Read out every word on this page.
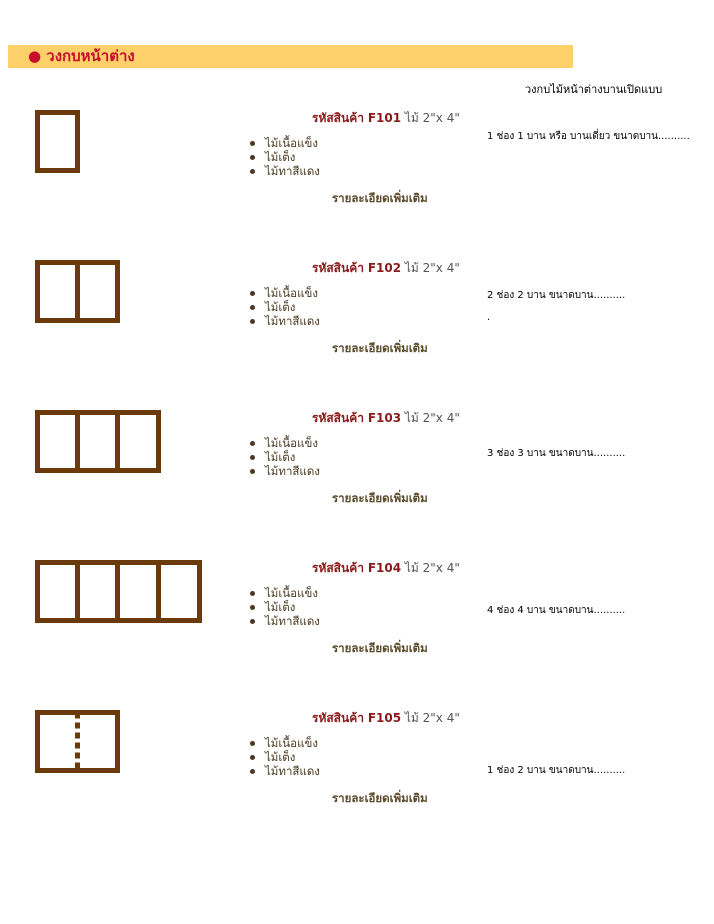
● วงกบหน้าต่าง
วงกบไม้หน้าต่างบานเปิดแบบ
รหัสสินค้า F101 ไม้ 2"x 4"
ไม้เนื้อแข็ง
ไม้เต็ง
ไม้ทาสีแดง
รายละเอียดเพิ่มเติม
1 ช่อง 1 บาน หรือ บานเดี่ยว ขนาดบาน..........
รหัสสินค้า F102 ไม้ 2"x 4"
ไม้เนื้อแข็ง
ไม้เต็ง
ไม้ทาสีแดง
รายละเอียดเพิ่มเติม
2 ช่อง 2 บาน ขนาดบาน..........
.
รหัสสินค้า F103 ไม้ 2"x 4"
ไม้เนื้อแข็ง
ไม้เต็ง
ไม้ทาสีแดง
รายละเอียดเพิ่มเติม
3 ช่อง 3 บาน ขนาดบาน..........
รหัสสินค้า F104 ไม้ 2"x 4"
ไม้เนื้อแข็ง
ไม้เต็ง
ไม้ทาสีแดง
รายละเอียดเพิ่มเติม
4 ช่อง 4 บาน ขนาดบาน..........
รหัสสินค้า F105 ไม้ 2"x 4"
ไม้เนื้อแข็ง
ไม้เต็ง
ไม้ทาสีแดง
รายละเอียดเพิ่มเติม
1 ช่อง 2 บาน ขนาดบาน..........
